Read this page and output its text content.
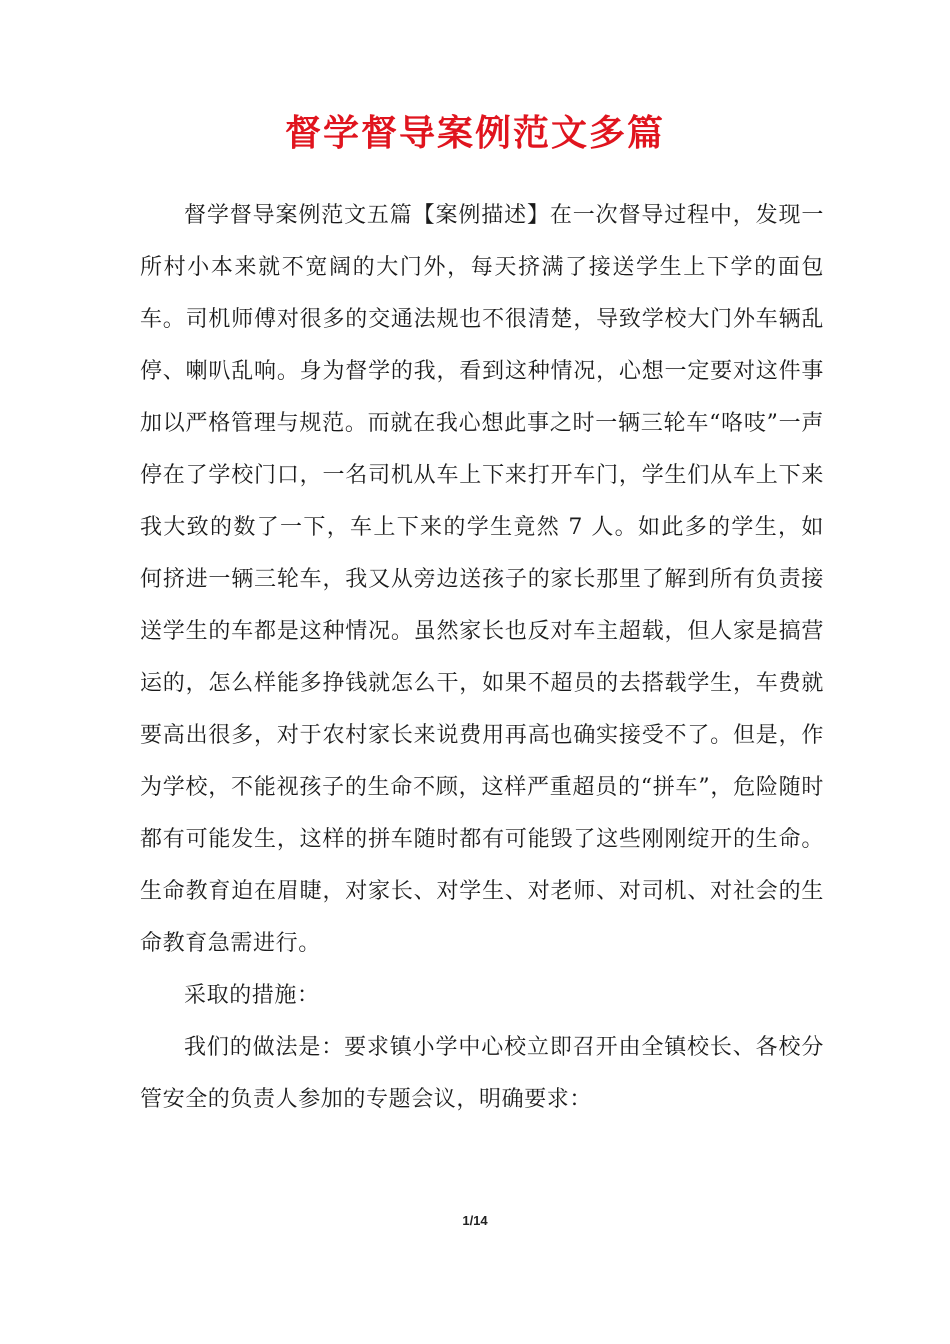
督学督导案例范文多篇

督学督导案例范文五篇【案例描述】在一次督导过程中，发现一所村小本来就不宽阔的大门外，每天挤满了接送学生上下学的面包车。司机师傅对很多的交通法规也不很清楚，导致学校大门外车辆乱停、喇叭乱响。身为督学的我，看到这种情况，心想一定要对这件事加以严格管理与规范。而就在我心想此事之时一辆三轮车“咯吱”一声停在了学校门口，一名司机从车上下来打开车门，学生们从车上下来我大致的数了一下，车上下来的学生竟然 7 人。如此多的学生，如何挤进一辆三轮车，我又从旁边送孩子的家长那里了解到所有负责接送学生的车都是这种情况。虽然家长也反对车主超载，但人家是搞营运的，怎么样能多挣钱就怎么干，如果不超员的去搭载学生，车费就要高出很多，对于农村家长来说费用再高也确实接受不了。但是，作为学校，不能视孩子的生命不顾，这样严重超员的“拼车”，危险随时都有可能发生，这样的拼车随时都有可能毁了这些刚刚绽开的生命。生命教育迫在眉睫，对家长、对学生、对老师、对司机、对社会的生命教育急需进行。

采取的措施：

我们的做法是：要求镇小学中心校立即召开由全镇校长、各校分管安全的负责人参加的专题会议，明确要求：

1/14
